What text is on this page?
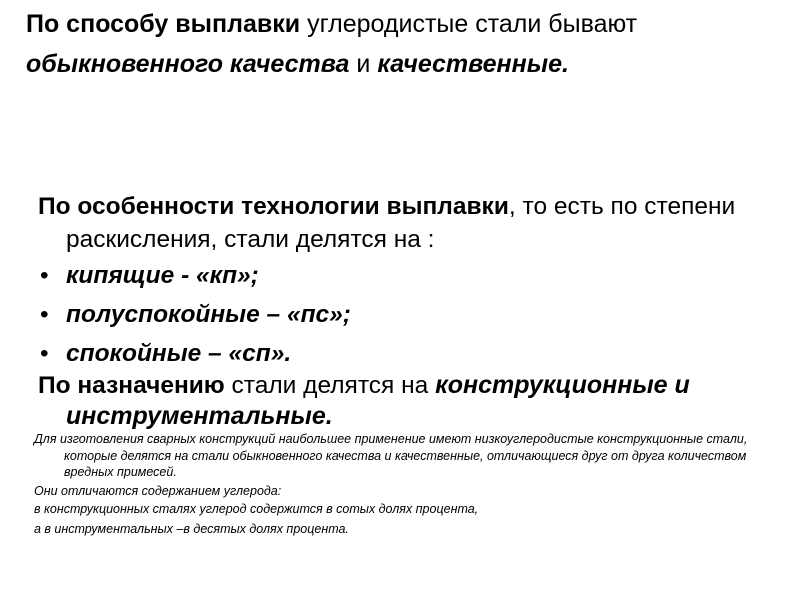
По способу выплавки углеродистые стали бывают обыкновенного качества и качественные.

По особенности технологии выплавки, то есть по степени раскисления, стали делятся на :

• кипящие - «кп»;
• полуспокойные – «пс»;
• спокойные – «сп».

По назначению стали делятся на конструкционные и инструментальные.

Для изготовления сварных конструкций наибольшее применение имеют низкоуглеродистые конструкционные стали, которые делятся на стали обыкновенного качества и качественные, отличающиеся друг от друга количеством вредных примесей.

Они отличаются содержанием углерода:

в конструкционных сталях углерод содержится в сотых долях процента,

а в инструментальных –в десятых долях процента.
